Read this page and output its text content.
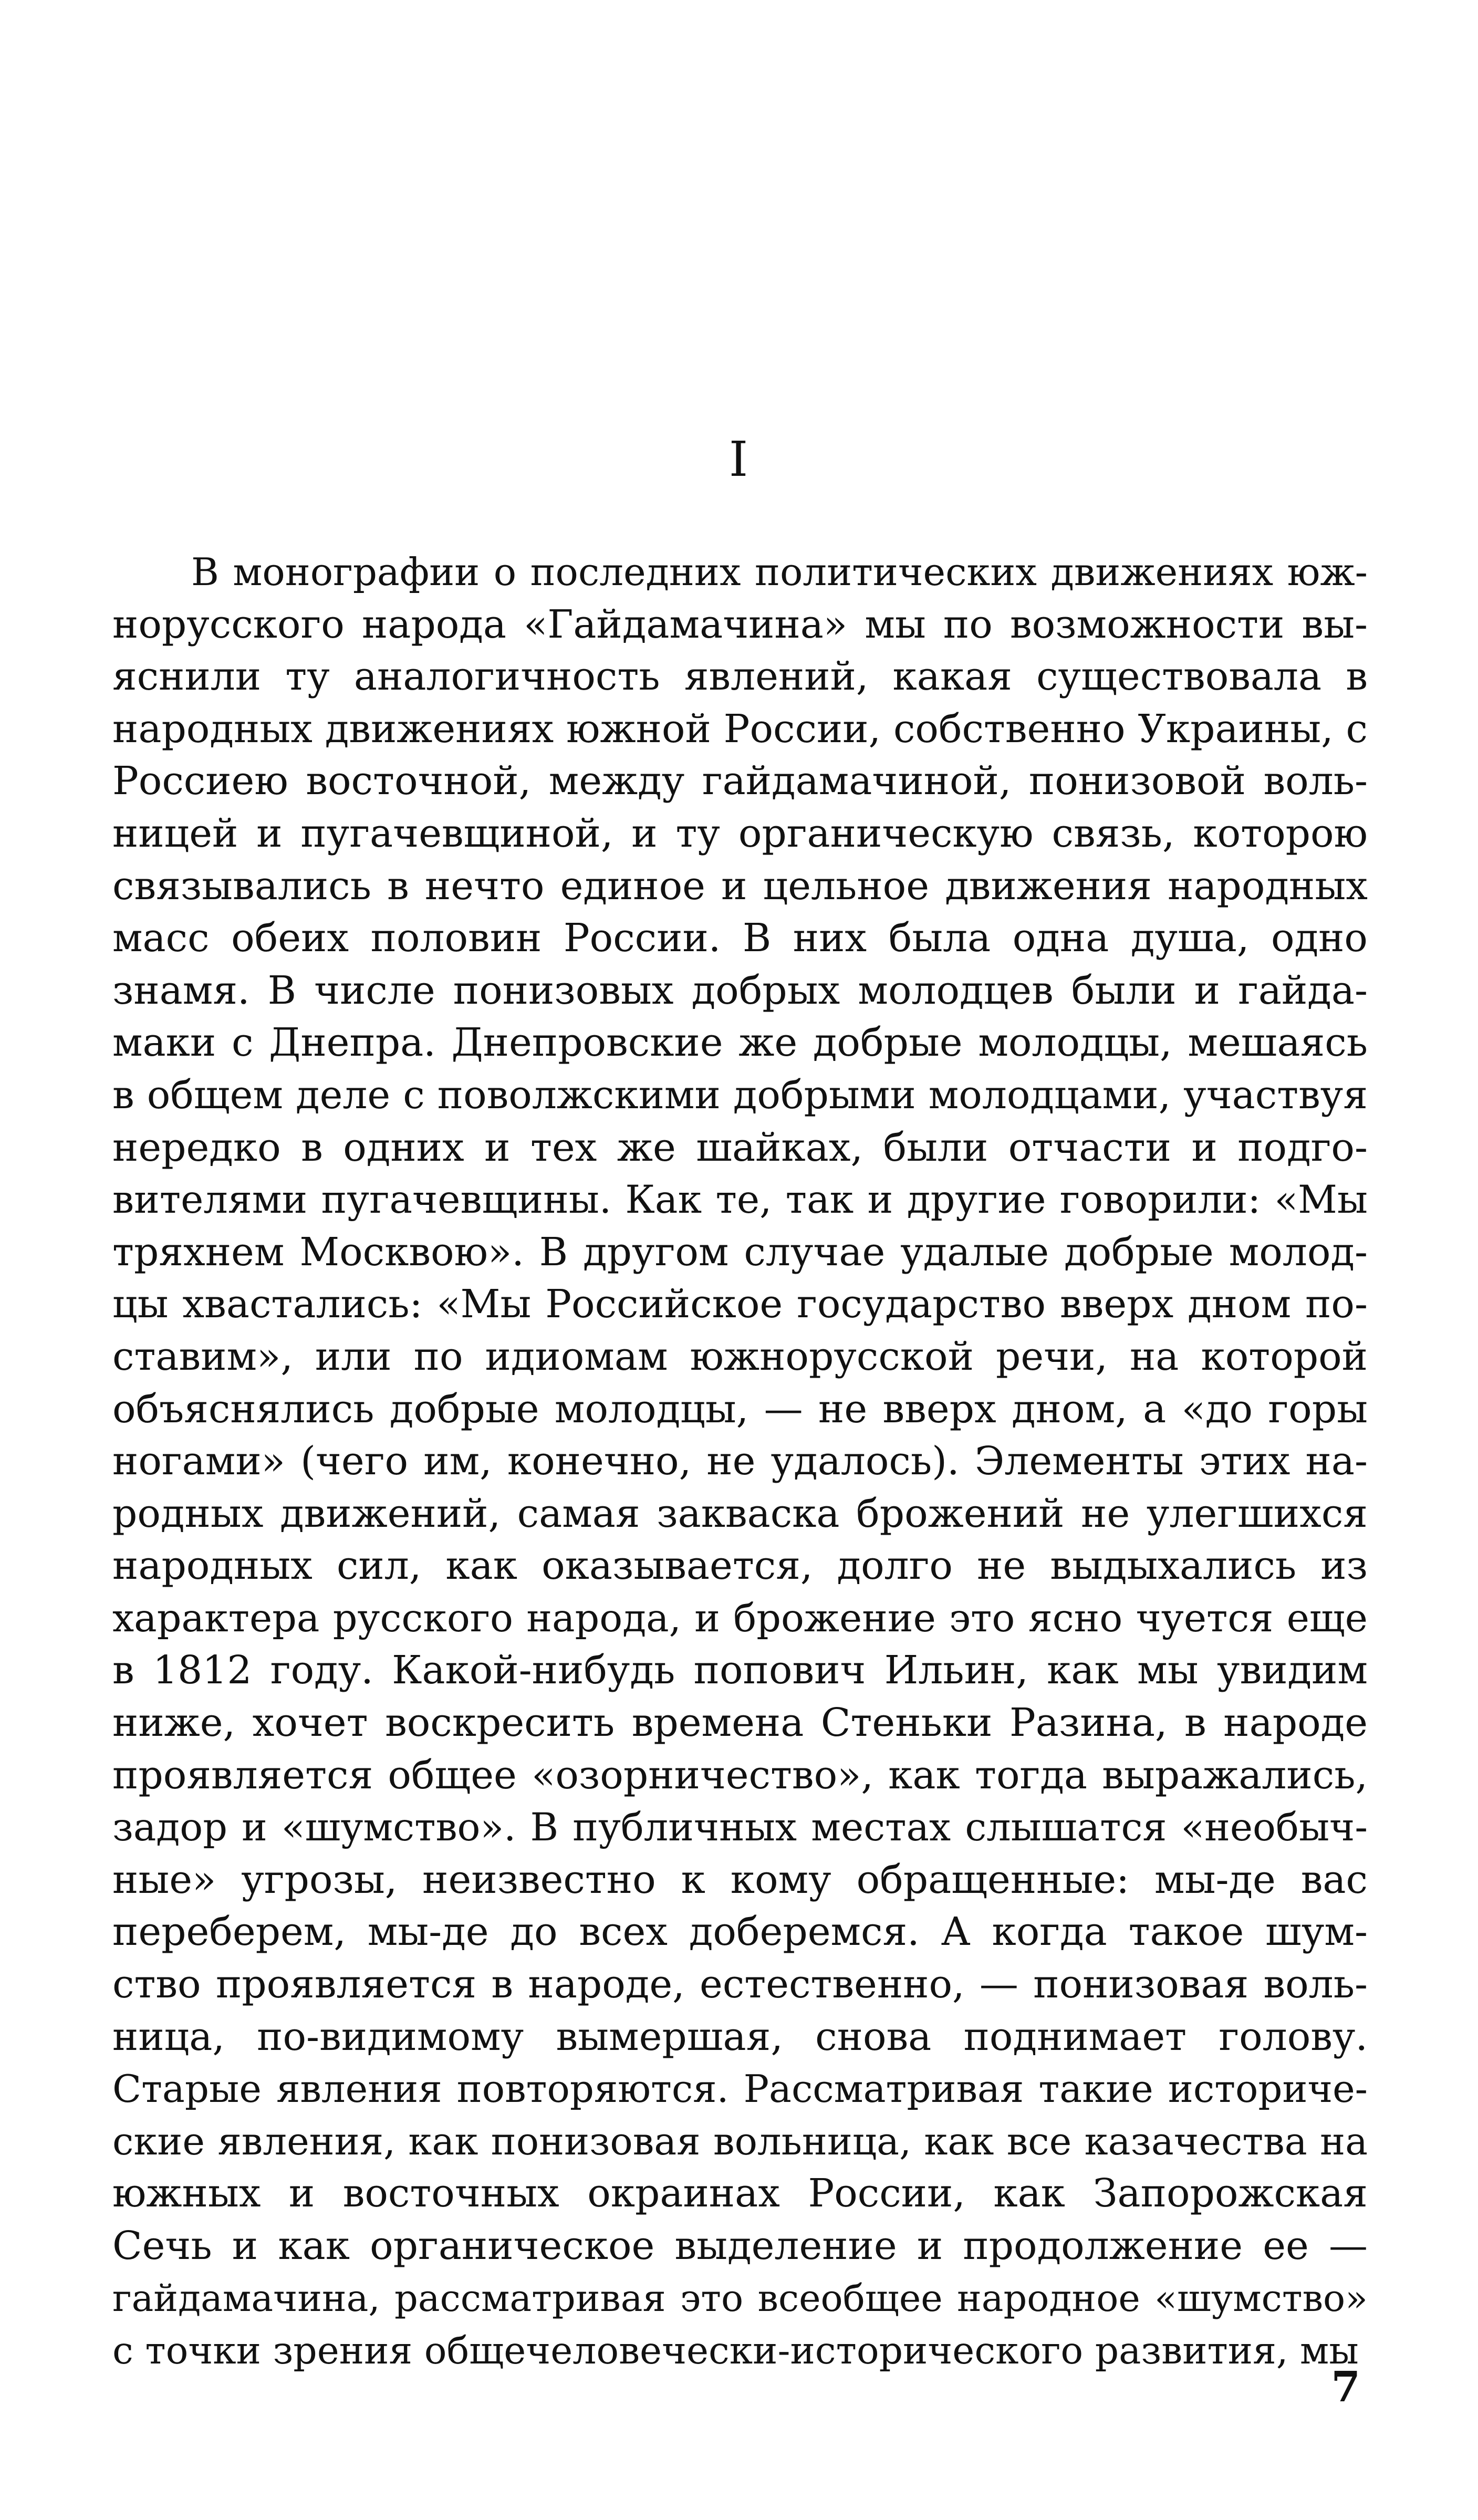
I
В монографии о последних политических движениях юж-
норусского народа «Гайдамачина» мы по возможности вы-
яснили ту аналогичность явлений, какая существовала в
народных движениях южной России, собственно Украины, с
Россиею восточной, между гайдамачиной, понизовой воль-
ницей и пугачевщиной, и ту органическую связь, которою
связывались в нечто единое и цельное движения народных
масс обеих половин России. В них была одна душа, одно
знамя. В числе понизовых добрых молодцев были и гайда-
маки с Днепра. Днепровские же добрые молодцы, мешаясь
в общем деле с поволжскими добрыми молодцами, участвуя
нередко в одних и тех же шайках, были отчасти и подго-
вителями пугачевщины. Как те, так и другие говорили: «Мы
тряхнем Москвою». В другом случае удалые добрые молод-
цы хвастались: «Мы Российское государство вверх дном по-
ставим», или по идиомам южнорусской речи, на которой
объяснялись добрые молодцы, — не вверх дном, а «до горы
ногами» (чего им, конечно, не удалось). Элементы этих на-
родных движений, самая закваска брожений не улегшихся
народных сил, как оказывается, долго не выдыхались из
характера русского народа, и брожение это ясно чуется еще
в 1812 году. Какой-нибудь попович Ильин, как мы увидим
ниже, хочет воскресить времена Стеньки Разина, в народе
проявляется общее «озорничество», как тогда выражались,
задор и «шумство». В публичных местах слышатся «необыч-
ные» угрозы, неизвестно к кому обращенные: мы-де вас
переберем, мы-де до всех доберемся. А когда такое шум-
ство проявляется в народе, естественно, — понизовая воль-
ница, по-видимому вымершая, снова поднимает голову.
Старые явления повторяются. Рассматривая такие историче-
ские явления, как понизовая вольница, как все казачества на
южных и восточных окраинах России, как Запорожская
Сечь и как органическое выделение и продолжение ее —
гайдамачина, рассматривая это всеобщее народное «шумство»
с точки зрения общечеловечески-исторического развития, мы
7
